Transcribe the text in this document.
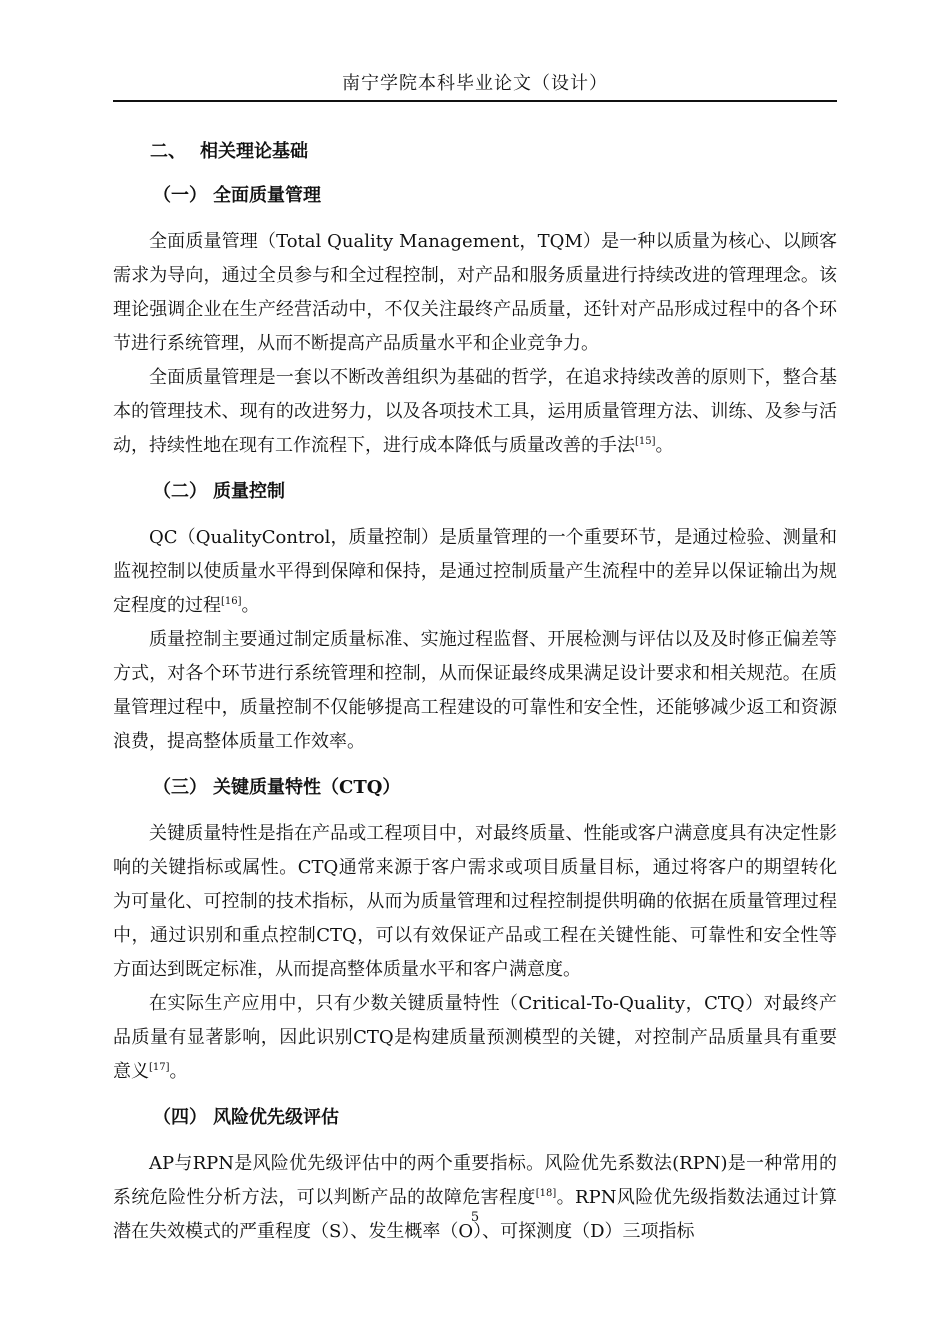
南宁学院本科毕业论文（设计）

二、 相关理论基础

（一） 全面质量管理

全面质量管理（Total Quality Management，TQM）是一种以质量为核心、以顾客需求为导向，通过全员参与和全过程控制，对产品和服务质量进行持续改进的管理理念。该理论强调企业在生产经营活动中，不仅关注最终产品质量，还针对产品形成过程中的各个环节进行系统管理，从而不断提高产品质量水平和企业竞争力。

全面质量管理是一套以不断改善组织为基础的哲学，在追求持续改善的原则下，整合基本的管理技术、现有的改进努力，以及各项技术工具，运用质量管理方法、训练、及参与活动，持续性地在现有工作流程下，进行成本降低与质量改善的手法[15]。

（二） 质量控制

QC（QualityControl，质量控制）是质量管理的一个重要环节，是通过检验、测量和监视控制以使质量水平得到保障和保持，是通过控制质量产生流程中的差异以保证输出为规定程度的过程[16]。

质量控制主要通过制定质量标准、实施过程监督、开展检测与评估以及及时修正偏差等方式，对各个环节进行系统管理和控制，从而保证最终成果满足设计要求和相关规范。在质量管理过程中，质量控制不仅能够提高工程建设的可靠性和安全性，还能够减少返工和资源浪费，提高整体质量工作效率。

（三） 关键质量特性（CTQ）

关键质量特性是指在产品或工程项目中，对最终质量、性能或客户满意度具有决定性影响的关键指标或属性。CTQ通常来源于客户需求或项目质量目标，通过将客户的期望转化为可量化、可控制的技术指标，从而为质量管理和过程控制提供明确的依据在质量管理过程中，通过识别和重点控制CTQ，可以有效保证产品或工程在关键性能、可靠性和安全性等方面达到既定标准，从而提高整体质量水平和客户满意度。

在实际生产应用中，只有少数关键质量特性（Critical-To-Quality，CTQ）对最终产品质量有显著影响，因此识别CTQ是构建质量预测模型的关键，对控制产品质量具有重要意义[17]。

（四） 风险优先级评估

AP与RPN是风险优先级评估中的两个重要指标。风险优先系数法(RPN)是一种常用的系统危险性分析方法，可以判断产品的故障危害程度[18]。RPN风险优先级指数法通过计算潜在失效模式的严重程度（S）、发生概率（O）、可探测度（D）三项指标

5
